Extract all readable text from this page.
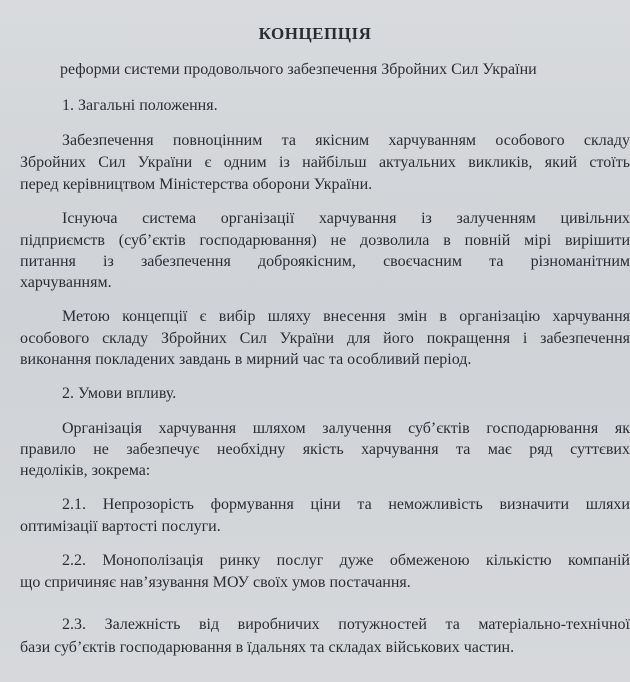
КОНЦЕПЦІЯ
реформи системи продовольчого забезпечення Збройних Сил України
1. Загальні положення.
Забезпечення повноцінним та якісним харчуванням особового складу
Збройних Сил України є одним із найбільш актуальних викликів, який стоїть
перед керівництвом Міністерства оборони України.
Існуюча система організації харчування із залученням цивільних
підприємств (суб’єктів господарювання) не дозволила в повній мірі вирішити
питання із забезпечення доброякісним, своєчасним та різноманітним
харчуванням.
Метою концепції є вибір шляху внесення змін в організацію харчування
особового складу Збройних Сил України для його покращення і забезпечення
виконання покладених завдань в мирний час та особливий період.
2. Умови впливу.
Організація харчування шляхом залучення суб’єктів господарювання як
правило не забезпечує необхідну якість харчування та має ряд суттєвих
недоліків, зокрема:
2.1. Непрозорість формування ціни та неможливість визначити шляхи
оптимізації вартості послуги.
2.2. Монополізація ринку послуг дуже обмеженою кількістю компаній
що спричиняє нав’язування МОУ своїх умов постачання.
2.3. Залежність від виробничих потужностей та матеріально-технічної
бази суб’єктів господарювання в їдальнях та складах військових частин.
